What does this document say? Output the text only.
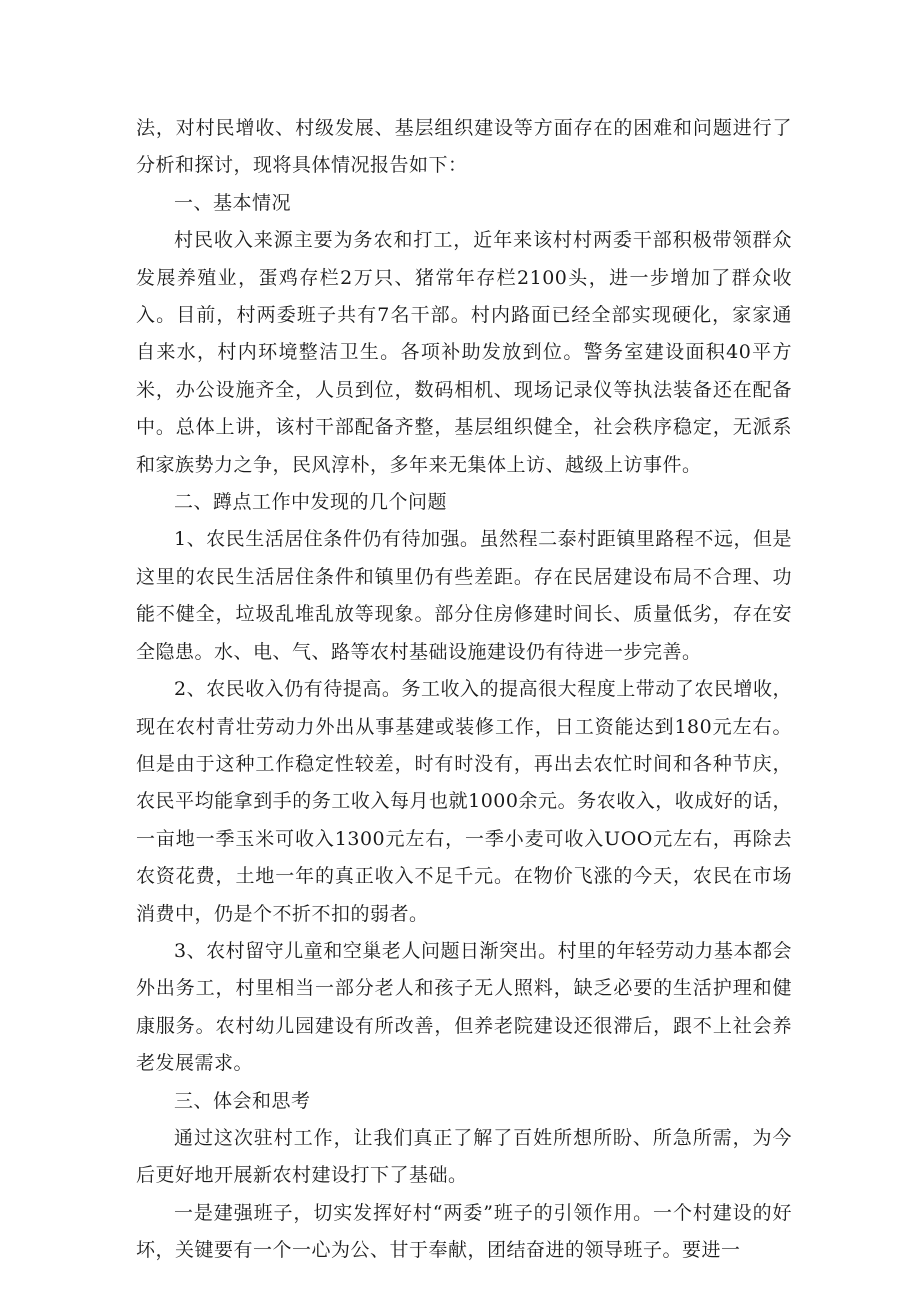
法，对村民增收、村级发展、基层组织建设等方面存在的困难和问题进行了分析和探讨，现将具体情况报告如下：

一、基本情况

村民收入来源主要为务农和打工，近年来该村村两委干部积极带领群众发展养殖业，蛋鸡存栏2万只、猪常年存栏2100头，进一步增加了群众收入。目前，村两委班子共有7名干部。村内路面已经全部实现硬化，家家通自来水，村内环境整洁卫生。各项补助发放到位。警务室建设面积40平方米，办公设施齐全，人员到位，数码相机、现场记录仪等执法装备还在配备中。总体上讲，该村干部配备齐整，基层组织健全，社会秩序稳定，无派系和家族势力之争，民风淳朴，多年来无集体上访、越级上访事件。

二、蹲点工作中发现的几个问题

1、农民生活居住条件仍有待加强。虽然程二泰村距镇里路程不远，但是这里的农民生活居住条件和镇里仍有些差距。存在民居建设布局不合理、功能不健全，垃圾乱堆乱放等现象。部分住房修建时间长、质量低劣，存在安全隐患。水、电、气、路等农村基础设施建设仍有待进一步完善。

2、农民收入仍有待提高。务工收入的提高很大程度上带动了农民增收，现在农村青壮劳动力外出从事基建或装修工作，日工资能达到180元左右。但是由于这种工作稳定性较差，时有时没有，再出去农忙时间和各种节庆，农民平均能拿到手的务工收入每月也就1000余元。务农收入，收成好的话，一亩地一季玉米可收入1300元左右，一季小麦可收入UOO元左右，再除去农资花费，土地一年的真正收入不足千元。在物价飞涨的今天，农民在市场消费中，仍是个不折不扣的弱者。

3、农村留守儿童和空巢老人问题日渐突出。村里的年轻劳动力基本都会外出务工，村里相当一部分老人和孩子无人照料，缺乏必要的生活护理和健康服务。农村幼儿园建设有所改善，但养老院建设还很滞后，跟不上社会养老发展需求。

三、体会和思考

通过这次驻村工作，让我们真正了解了百姓所想所盼、所急所需，为今后更好地开展新农村建设打下了基础。

一是建强班子，切实发挥好村“两委”班子的引领作用。一个村建设的好坏，关键要有一个一心为公、甘于奉献，团结奋进的领导班子。要进一
